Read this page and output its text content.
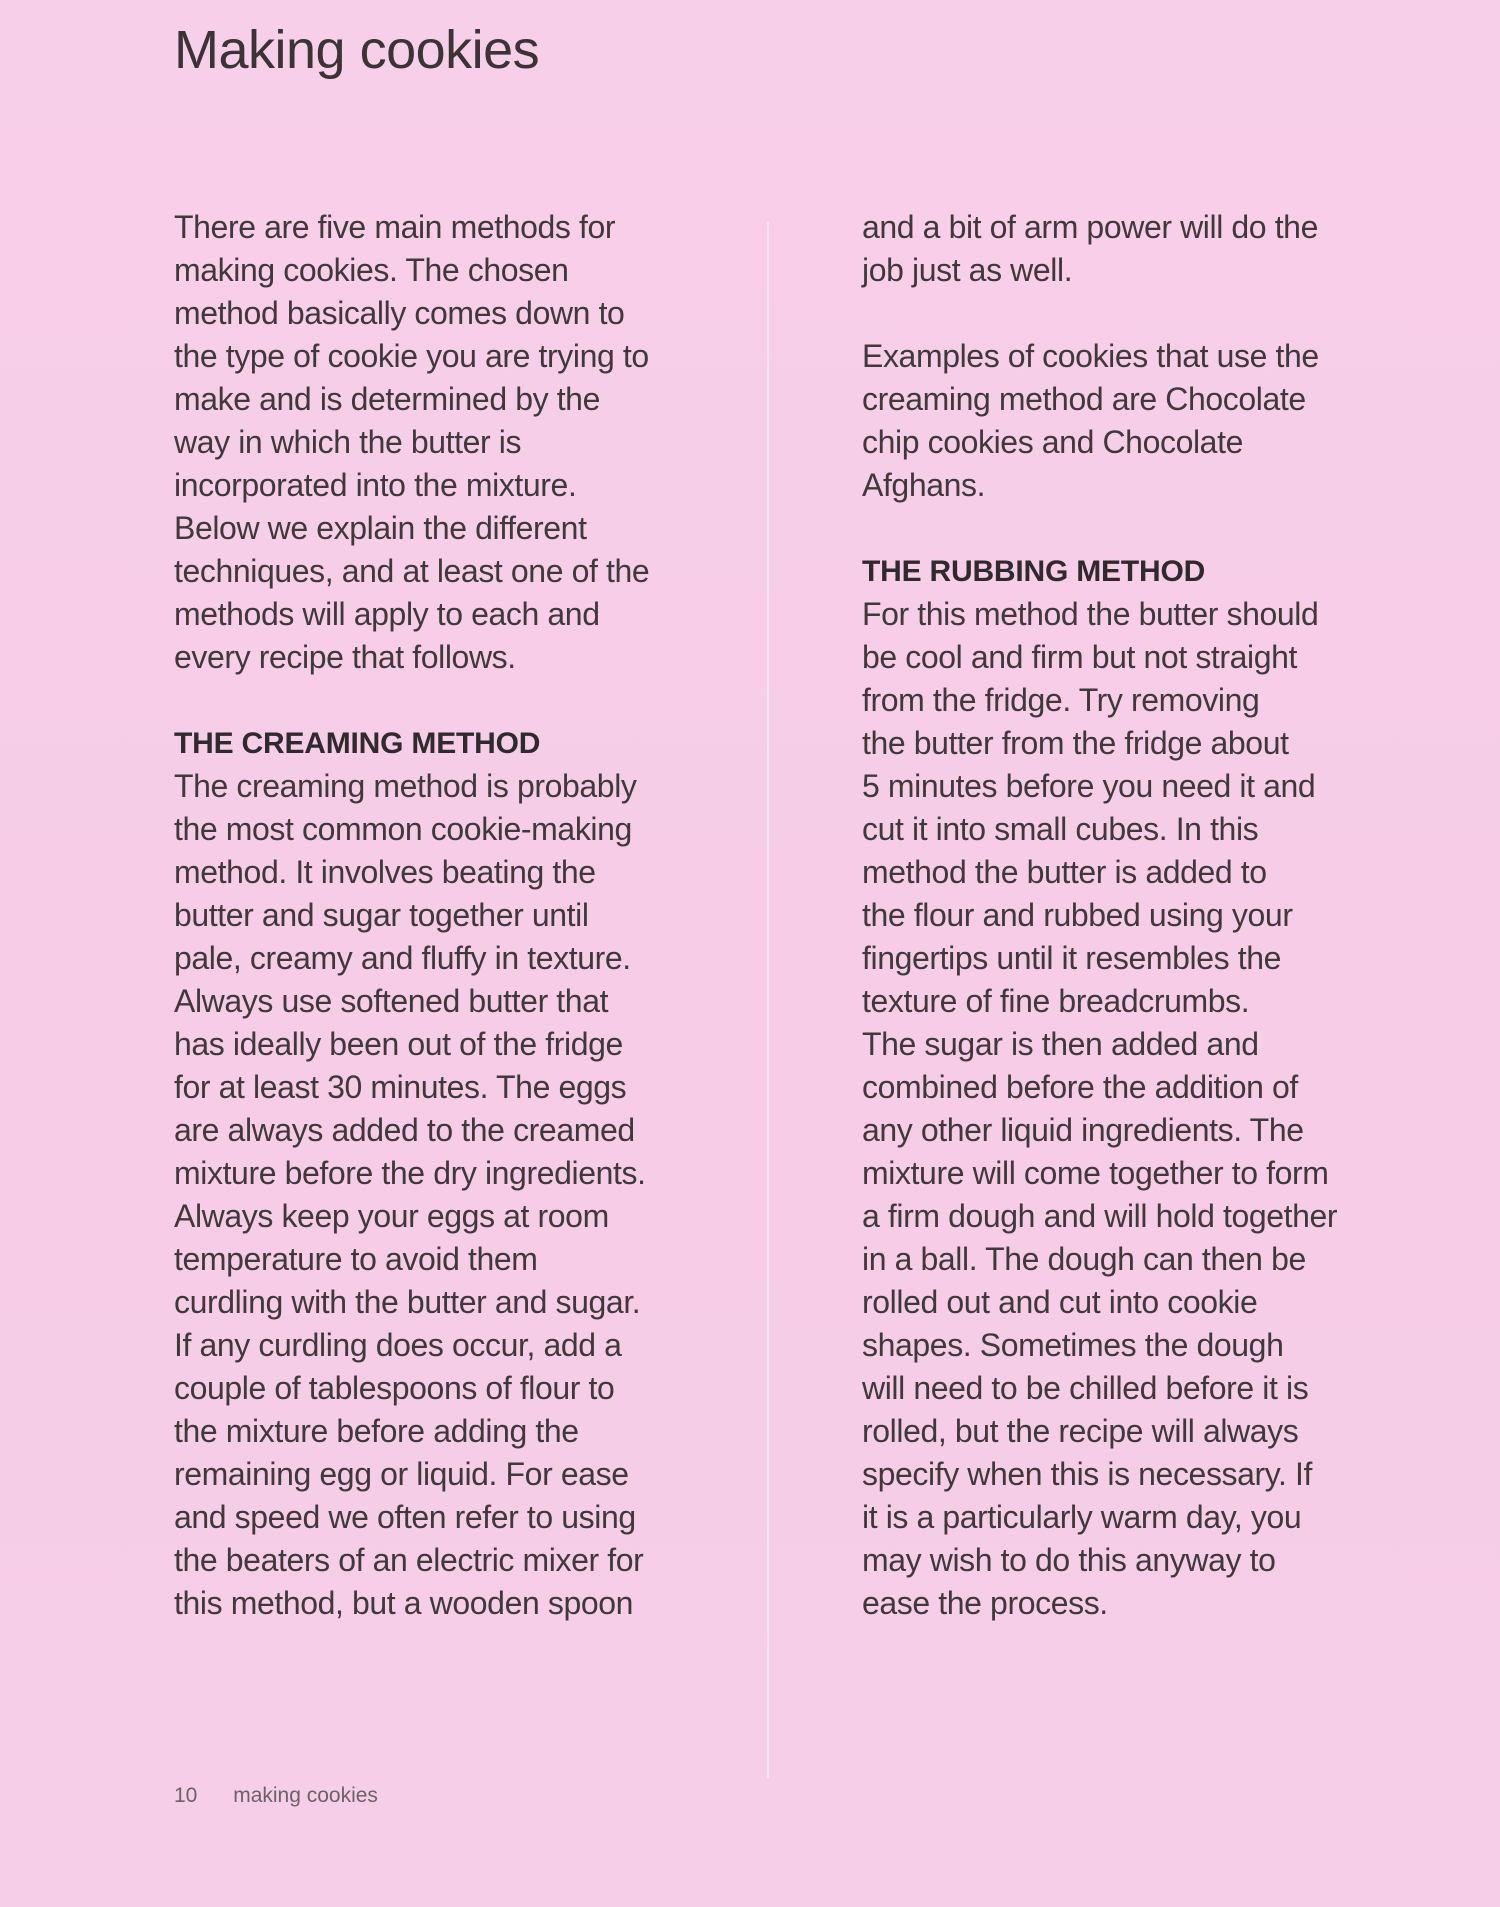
Making cookies
There are five main methods for
making cookies. The chosen
method basically comes down to
the type of cookie you are trying to
make and is determined by the
way in which the butter is
incorporated into the mixture.
Below we explain the different
techniques, and at least one of the
methods will apply to each and
every recipe that follows.
THE CREAMING METHOD
The creaming method is probably
the most common cookie-making
method. It involves beating the
butter and sugar together until
pale, creamy and fluffy in texture.
Always use softened butter that
has ideally been out of the fridge
for at least 30 minutes. The eggs
are always added to the creamed
mixture before the dry ingredients.
Always keep your eggs at room
temperature to avoid them
curdling with the butter and sugar.
If any curdling does occur, add a
couple of tablespoons of flour to
the mixture before adding the
remaining egg or liquid. For ease
and speed we often refer to using
the beaters of an electric mixer for
this method, but a wooden spoon
and a bit of arm power will do the
job just as well.
Examples of cookies that use the
creaming method are Chocolate
chip cookies and Chocolate
Afghans.
THE RUBBING METHOD
For this method the butter should
be cool and firm but not straight
from the fridge. Try removing
the butter from the fridge about
5 minutes before you need it and
cut it into small cubes. In this
method the butter is added to
the flour and rubbed using your
fingertips until it resembles the
texture of fine breadcrumbs.
The sugar is then added and
combined before the addition of
any other liquid ingredients. The
mixture will come together to form
a firm dough and will hold together
in a ball. The dough can then be
rolled out and cut into cookie
shapes. Sometimes the dough
will need to be chilled before it is
rolled, but the recipe will always
specify when this is necessary. If
it is a particularly warm day, you
may wish to do this anyway to
ease the process.
10 making cookies
